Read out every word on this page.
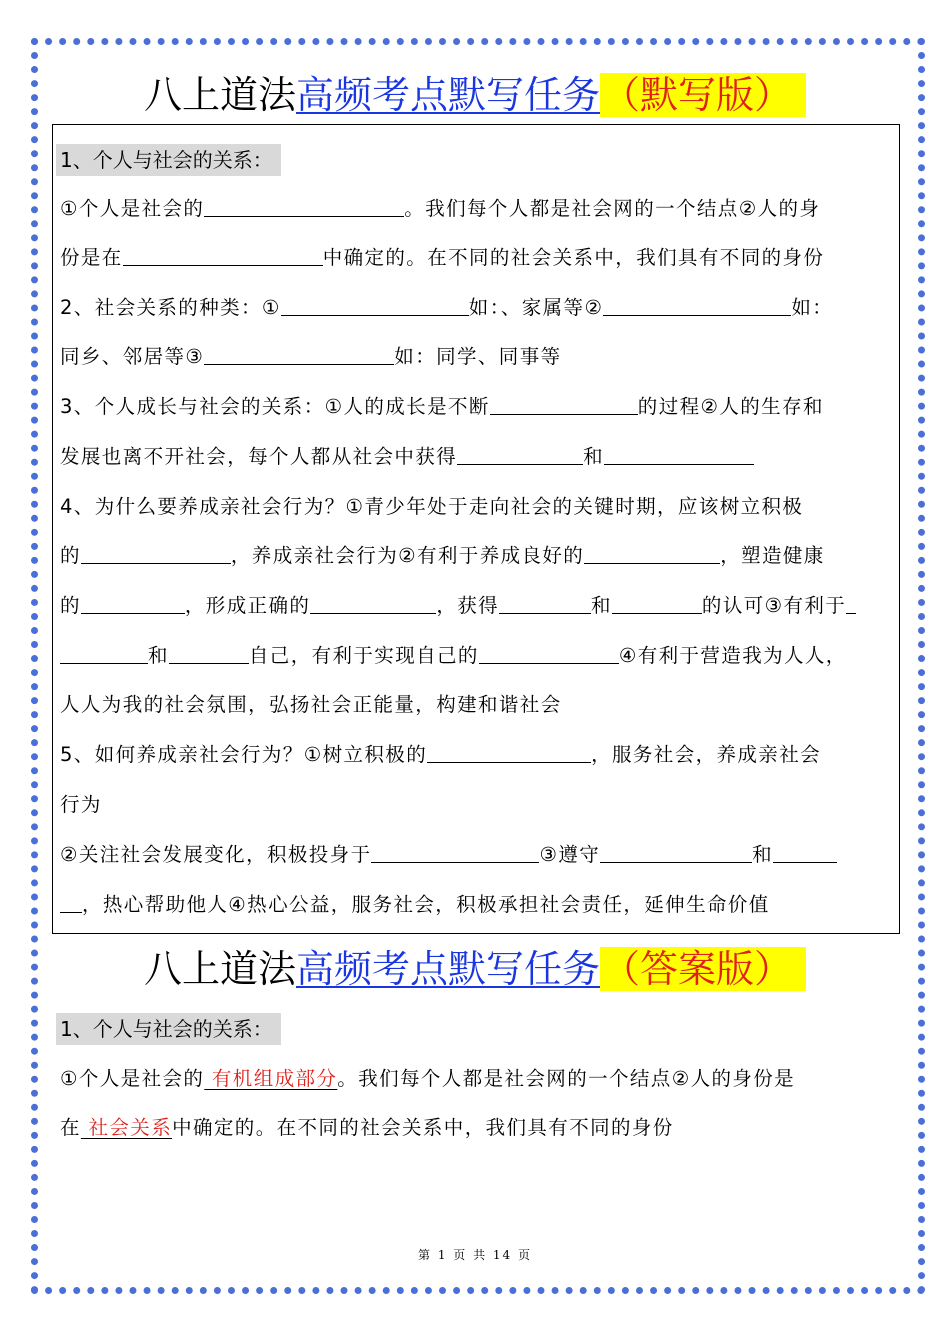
八上道法高频考点默写任务（默写版）
1、个人与社会的关系：
①个人是社会的	。我们每个人都是社会网的一个结点②人的身
份是在	中确定的。在不同的社会关系中，我们具有不同的身份
2、社会关系的种类：①	如：、家属等②	如：
同乡、邻居等③	如：同学、同事等
3、个人成长与社会的关系：①人的成长是不断	的过程②人的生存和
发展也离不开社会，每个人都从社会中获得	和
4、为什么要养成亲社会行为？①青少年处于走向社会的关键时期，应该树立积极
的	，养成亲社会行为②有利于养成良好的	，塑造健康
的	，形成正确的	，获得	和	的认可③有利于
和	自己，有利于实现自己的	④有利于营造我为人人，
人人为我的社会氛围，弘扬社会正能量，构建和谐社会
5、如何养成亲社会行为？①树立积极的	，服务社会，养成亲社会
行为
②关注社会发展变化，积极投身于	③遵守	和
，热心帮助他人④热心公益，服务社会，积极承担社会责任，延伸生命价值
八上道法高频考点默写任务（答案版）
1、个人与社会的关系：
①个人是社会的 有机组成部分。我们每个人都是社会网的一个结点②人的身份是
在 社会关系中确定的。在不同的社会关系中，我们具有不同的身份
第 1 页 共 14 页
